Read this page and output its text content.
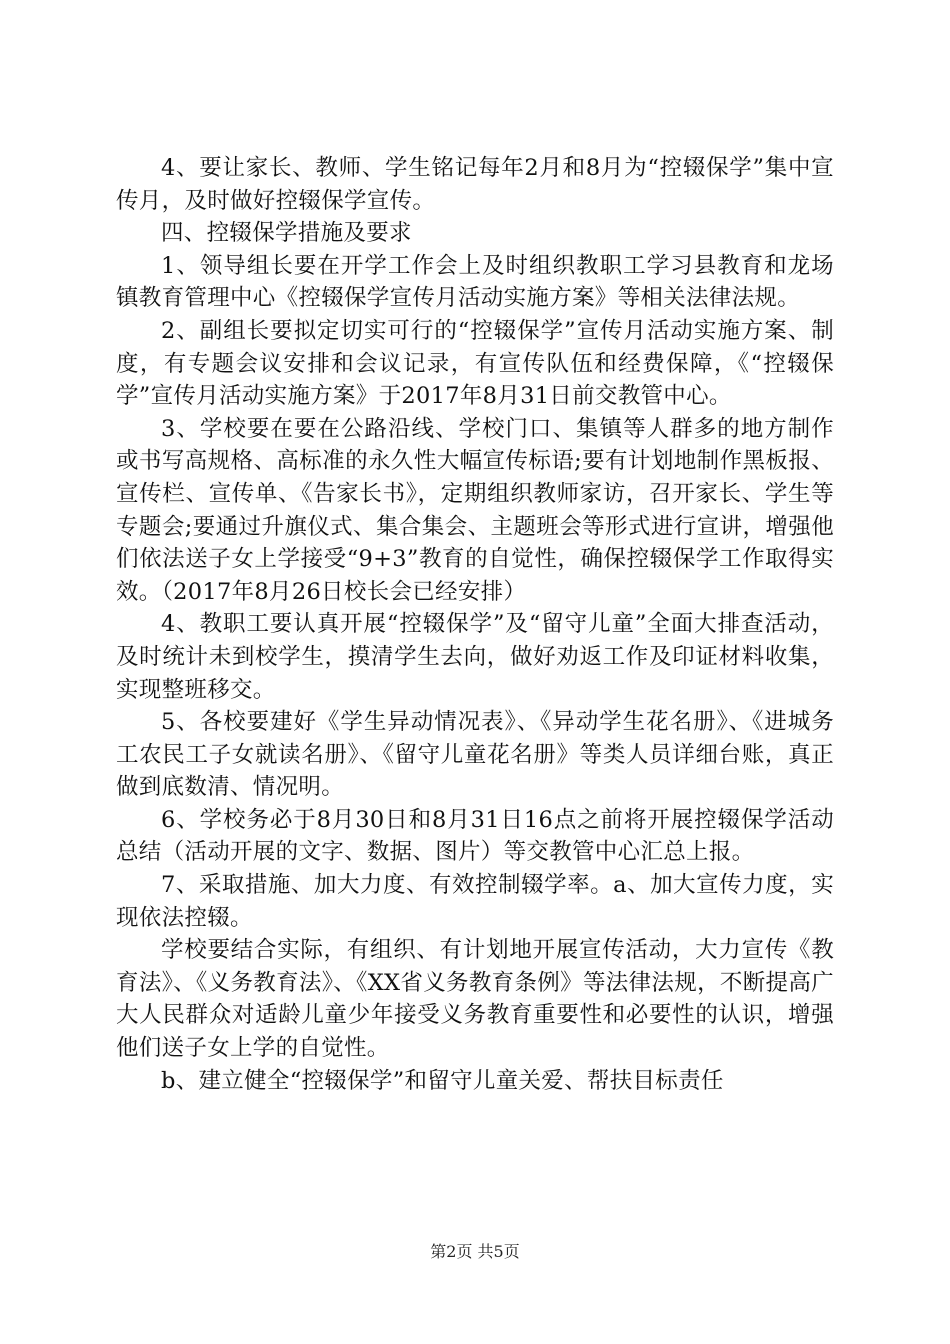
4、要让家长、教师、学生铭记每年2月和8月为“控辍保学”集中宣传月，及时做好控辍保学宣传。

四、控辍保学措施及要求

1、领导组长要在开学工作会上及时组织教职工学习县教育和龙场镇教育管理中心《控辍保学宣传月活动实施方案》等相关法律法规。

2、副组长要拟定切实可行的“控辍保学”宣传月活动实施方案、制度，有专题会议安排和会议记录，有宣传队伍和经费保障，《“控辍保学”宣传月活动实施方案》于2017年8月31日前交教管中心。

3、学校要在要在公路沿线、学校门口、集镇等人群多的地方制作或书写高规格、高标准的永久性大幅宣传标语;要有计划地制作黑板报、宣传栏、宣传单、《告家长书》，定期组织教师家访，召开家长、学生等专题会;要通过升旗仪式、集合集会、主题班会等形式进行宣讲，增强他们依法送子女上学接受“9+3”教育的自觉性，确保控辍保学工作取得实效。（2017年8月26日校长会已经安排）

4、教职工要认真开展“控辍保学”及“留守儿童”全面大排查活动，及时统计未到校学生，摸清学生去向，做好劝返工作及印证材料收集，实现整班移交。

5、各校要建好《学生异动情况表》、《异动学生花名册》、《进城务工农民工子女就读名册》、《留守儿童花名册》等类人员详细台账，真正做到底数清、情况明。

6、学校务必于8月30日和8月31日16点之前将开展控辍保学活动总结（活动开展的文字、数据、图片）等交教管中心汇总上报。

7、采取措施、加大力度、有效控制辍学率。a、加大宣传力度，实现依法控辍。

学校要结合实际，有组织、有计划地开展宣传活动，大力宣传《教育法》、《义务教育法》、《XX省义务教育条例》等法律法规，不断提高广大人民群众对适龄儿童少年接受义务教育重要性和必要性的认识，增强他们送子女上学的自觉性。

b、建立健全“控辍保学”和留守儿童关爱、帮扶目标责任

第2页 共5页
